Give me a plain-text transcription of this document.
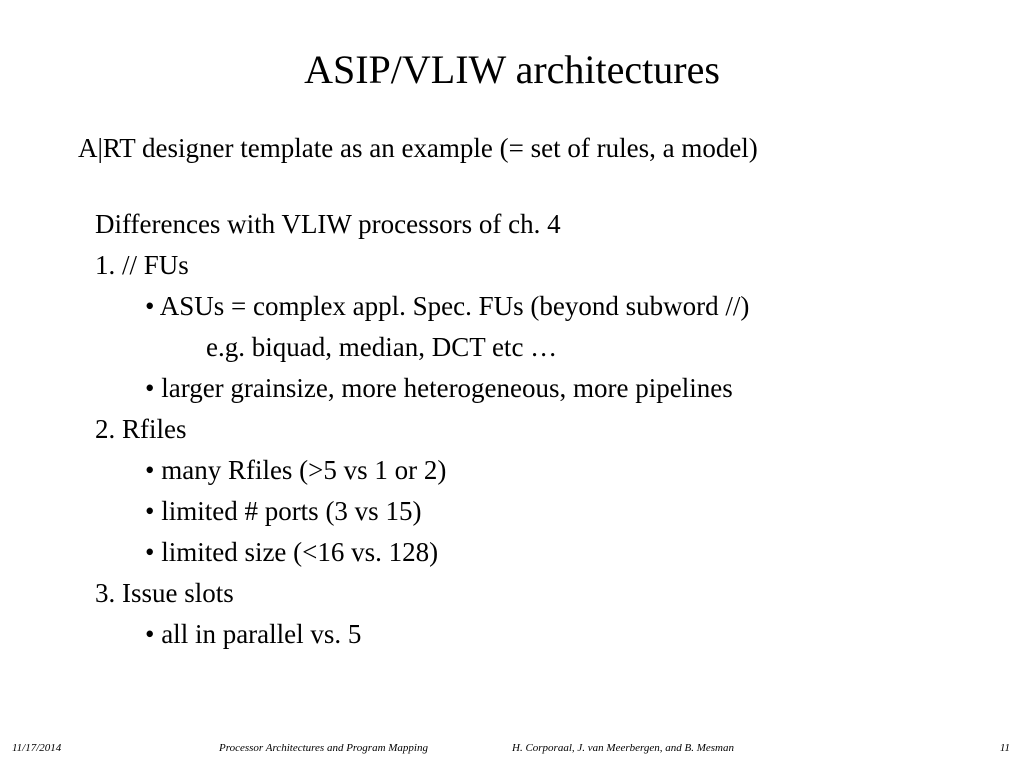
ASIP/VLIW architectures
A|RT designer template as an example (= set of rules, a model)
Differences with VLIW processors of ch. 4
1. // FUs
• ASUs = complex appl. Spec. FUs (beyond subword //)
e.g. biquad, median, DCT etc …
• larger grainsize, more heterogeneous, more pipelines
2. Rfiles
• many Rfiles (>5 vs 1 or 2)
• limited # ports (3 vs 15)
• limited size (<16 vs. 128)
3. Issue slots
• all in parallel vs. 5
11/17/2014	Processor Architectures and Program Mapping	H. Corporaal, J. van Meerbergen, and B. Mesman	11
